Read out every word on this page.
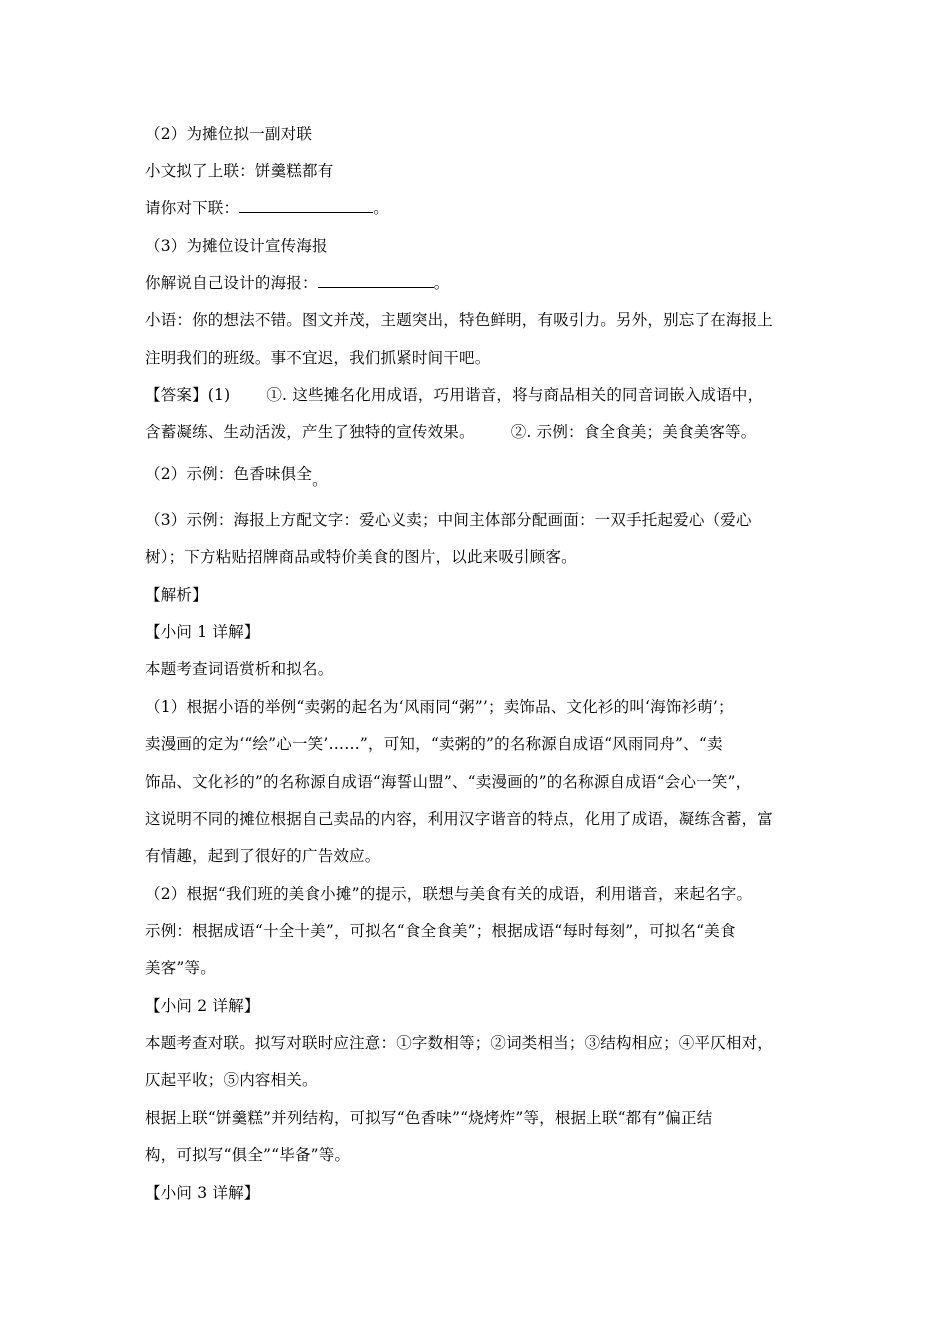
（2）为摊位拟一副对联
小文拟了上联：饼羹糕都有
请你对下联：	。
（3）为摊位设计宣传海报
你解说自己设计的海报：	。
小语：你的想法不错。图文并茂，主题突出，特色鲜明，有吸引力。另外，别忘了在海报上
注明我们的班级。事不宜迟，我们抓紧时间干吧。
【答案】(1) ①. 这些摊名化用成语，巧用谐音，将与商品相关的同音词嵌入成语中，
含蓄凝练、生动活泼，产生了独特的宣传效果。 ②. 示例：食全食美；美食美客等。
（2）示例：色香味俱全。
（3）示例：海报上方配文字：爱心义卖；中间主体部分配画面：一双手托起爱心（爱心
树）；下方粘贴招牌商品或特价美食的图片，以此来吸引顾客。
【解析】
【小问 1 详解】
本题考查词语赏析和拟名。
（1）根据小语的举例“卖粥的起名为‘风雨同“粥”’；卖饰品、文化衫的叫‘海饰衫萌’；
卖漫画的定为‘“绘”心一笑’……”，可知，“卖粥的”的名称源自成语“风雨同舟”、“卖
饰品、文化衫的”的名称源自成语“海誓山盟”、“卖漫画的”的名称源自成语“会心一笑”，
这说明不同的摊位根据自己卖品的内容，利用汉字谐音的特点，化用了成语，凝练含蓄，富
有情趣，起到了很好的广告效应。
（2）根据“我们班的美食小摊”的提示，联想与美食有关的成语，利用谐音，来起名字。
示例：根据成语“十全十美”，可拟名“食全食美”；根据成语“每时每刻”，可拟名“美食
美客”等。
【小问 2 详解】
本题考查对联。拟写对联时应注意：①字数相等；②词类相当；③结构相应；④平仄相对，
仄起平收；⑤内容相关。
根据上联“饼羹糕”并列结构，可拟写“色香味”“烧烤炸”等，根据上联“都有”偏正结
构，可拟写“俱全”“毕备”等。
【小问 3 详解】
